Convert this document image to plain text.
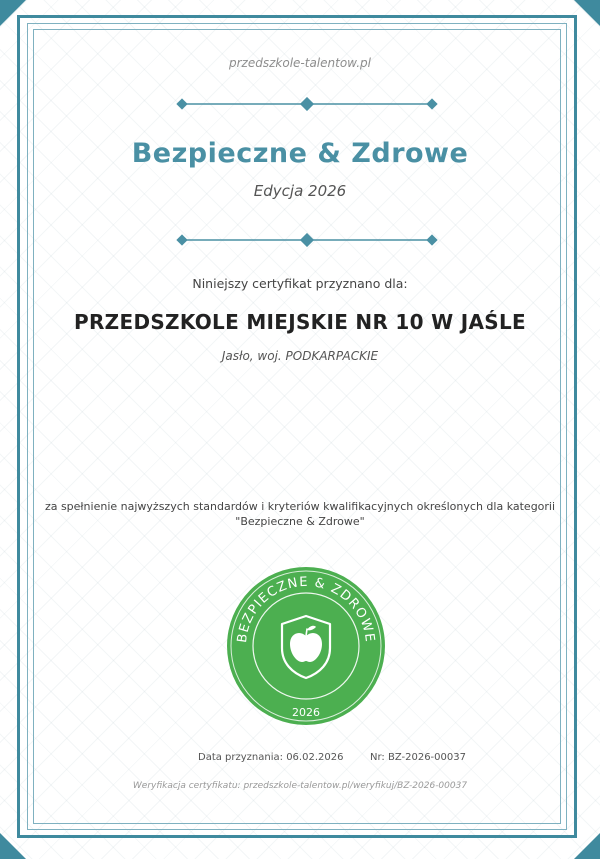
przedszkole-talentow.pl
Bezpieczne & Zdrowe
Edycja 2026
Niniejszy certyfikat przyznano dla:
PRZEDSZKOLE MIEJSKIE NR 10 W JAŚLE
Jasło, woj. PODKARPACKIE
za spełnienie najwyższych standardów i kryteriów kwalifikacyjnych określonych dla kategorii
"Bezpieczne & Zdrowe"
BEZPIECZNE & ZDROWE
2026
Data przyznania: 06.02.2026	Nr: BZ-2026-00037
Weryfikacja certyfikatu: przedszkole-talentow.pl/weryfikuj/BZ-2026-00037
